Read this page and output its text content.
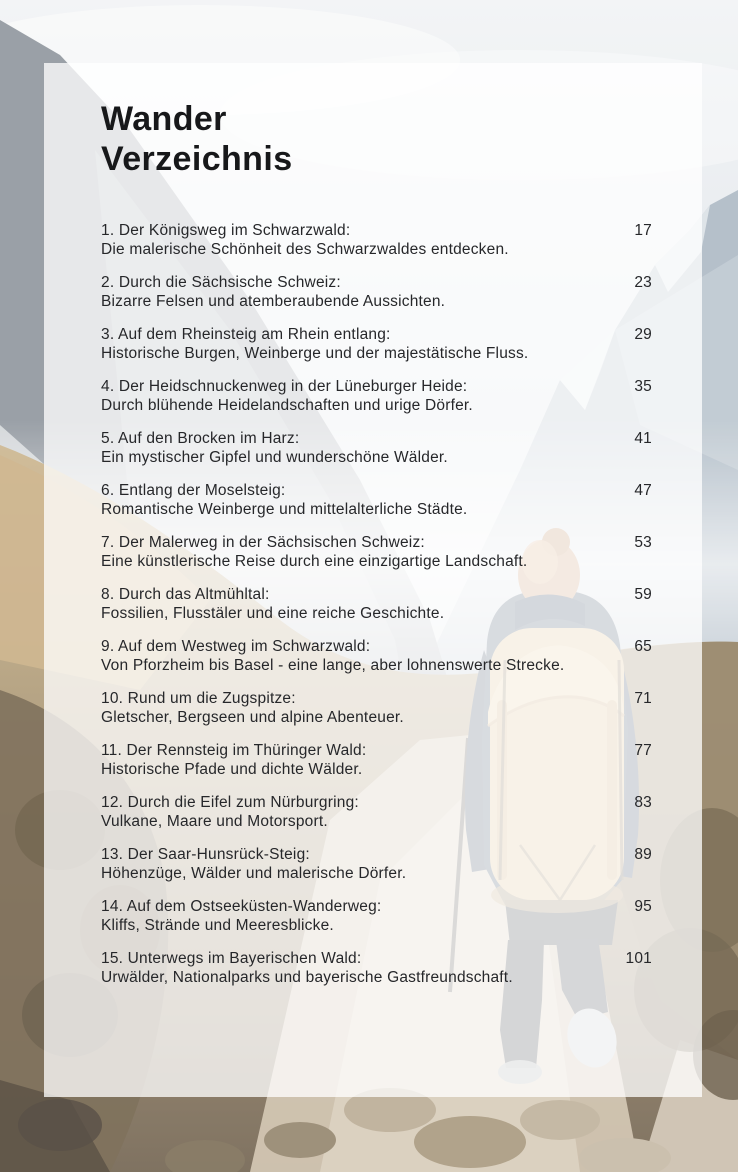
Wander
Verzeichnis
1. Der Königsweg im Schwarzwald:
Die malerische Schönheit des Schwarzwaldes entdecken.
17
2. Durch die Sächsische Schweiz:
Bizarre Felsen und atemberaubende Aussichten.
23
3. Auf dem Rheinsteig am Rhein entlang:
Historische Burgen, Weinberge und der majestätische Fluss.
29
4. Der Heidschnuckenweg in der Lüneburger Heide:
Durch blühende Heidelandschaften und urige Dörfer.
35
5. Auf den Brocken im Harz:
Ein mystischer Gipfel und wunderschöne Wälder.
41
6. Entlang der Moselsteig:
Romantische Weinberge und mittelalterliche Städte.
47
7. Der Malerweg in der Sächsischen Schweiz:
Eine künstlerische Reise durch eine einzigartige Landschaft.
53
8. Durch das Altmühltal:
Fossilien, Flusstäler und eine reiche Geschichte.
59
9. Auf dem Westweg im Schwarzwald:
Von Pforzheim bis Basel - eine lange, aber lohnenswerte Strecke.
65
10. Rund um die Zugspitze:
Gletscher, Bergseen und alpine Abenteuer.
71
11. Der Rennsteig im Thüringer Wald:
Historische Pfade und dichte Wälder.
77
12. Durch die Eifel zum Nürburgring:
Vulkane, Maare und Motorsport.
83
13. Der Saar-Hunsrück-Steig:
Höhenzüge, Wälder und malerische Dörfer.
89
14. Auf dem Ostseeküsten-Wanderweg:
Kliffs, Strände und Meeresblicke.
95
15. Unterwegs im Bayerischen Wald:
Urwälder, Nationalparks und bayerische Gastfreundschaft.
101
